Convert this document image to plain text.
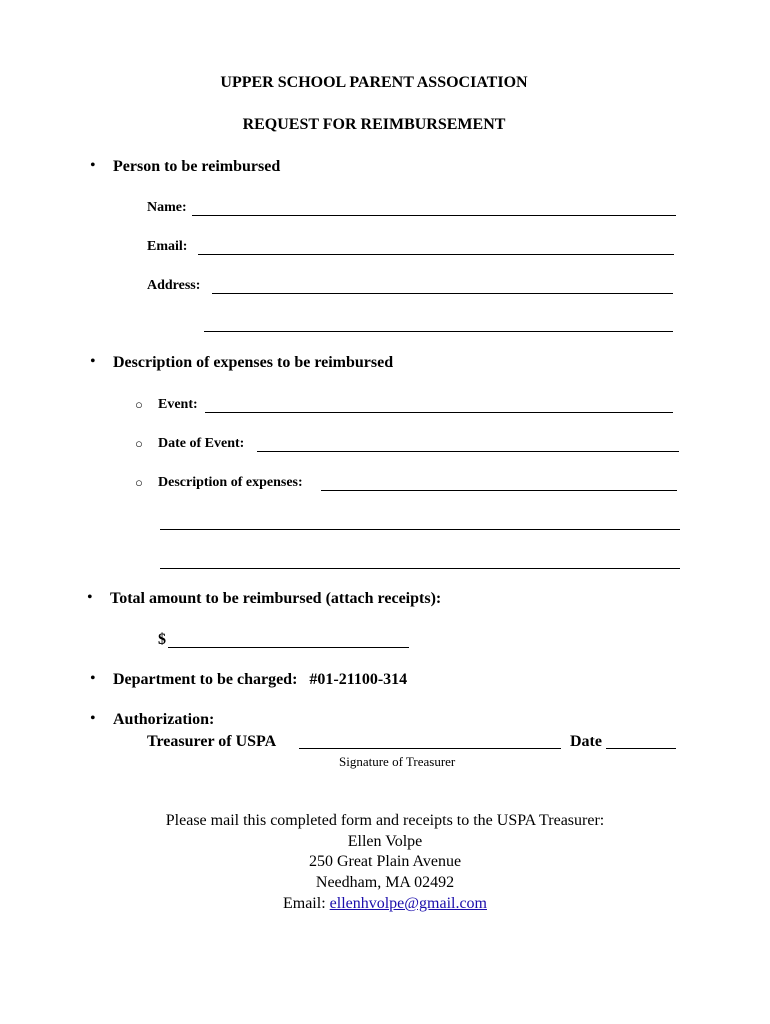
UPPER SCHOOL PARENT ASSOCIATION
REQUEST FOR REIMBURSEMENT
• Person to be reimbursed
Name:
Email:
Address:
• Description of expenses to be reimbursed
○ Event:
○ Date of Event:
○ Description of expenses:
• Total amount to be reimbursed (attach receipts):
$
• Department to be charged:   #01-21100-314
• Authorization:
Treasurer of USPA	Date
Signature of Treasurer
Please mail this completed form and receipts to the USPA Treasurer:
Ellen Volpe
250 Great Plain Avenue
Needham, MA 02492
Email: ellenhvolpe@gmail.com
